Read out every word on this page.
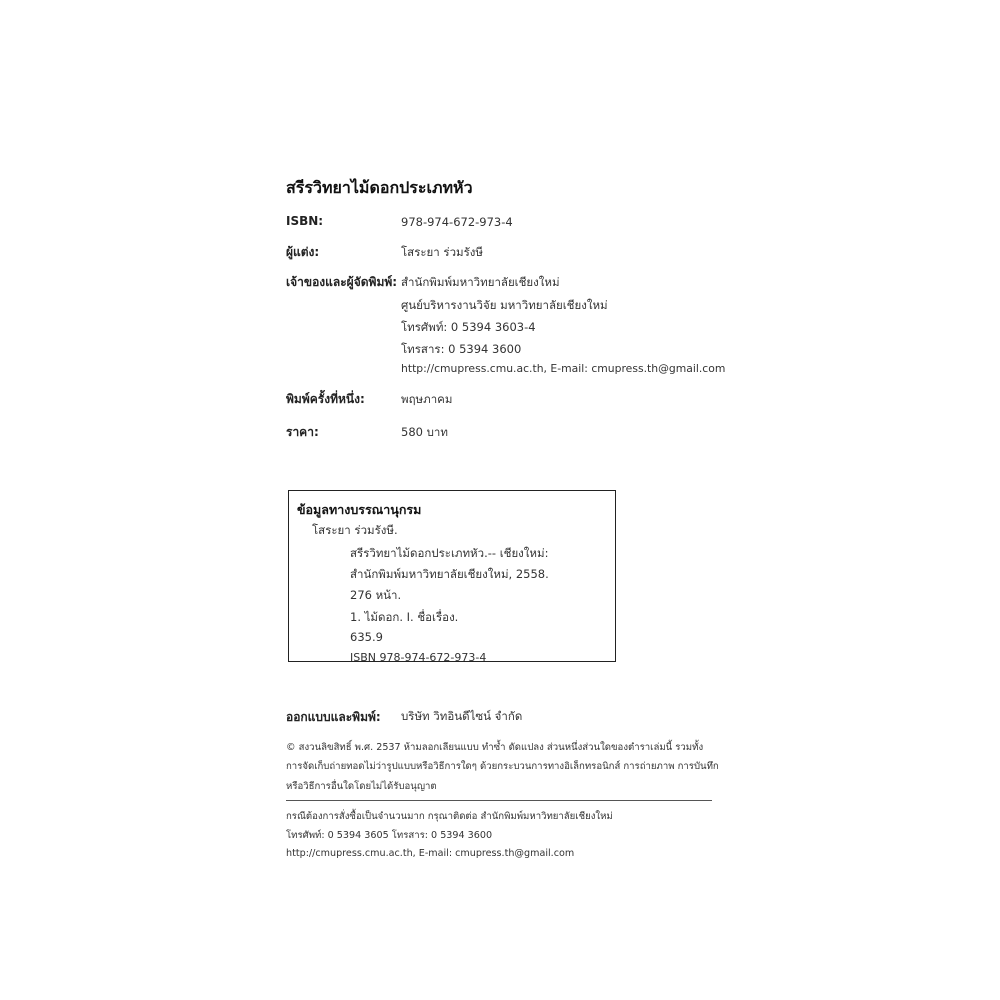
สรีรวิทยาไม้ดอกประเภทหัว
ISBN:	978-974-672-973-4
ผู้แต่ง:	โสระยา ร่วมรังษี
เจ้าของและผู้จัดพิมพ์: สำนักพิมพ์มหาวิทยาลัยเชียงใหม่
ศูนย์บริหารงานวิจัย มหาวิทยาลัยเชียงใหม่
โทรศัพท์: 0 5394 3603-4
โทรสาร: 0 5394 3600
http://cmupress.cmu.ac.th, E-mail: cmupress.th@gmail.com
พิมพ์ครั้งที่หนึ่ง:	พฤษภาคม
ราคา:	580 บาท
ข้อมูลทางบรรณานุกรม
โสระยา ร่วมรังษี.
สรีรวิทยาไม้ดอกประเภทหัว.-- เชียงใหม่:
สำนักพิมพ์มหาวิทยาลัยเชียงใหม่, 2558.
276 หน้า.
1. ไม้ดอก. I. ชื่อเรื่อง.
635.9
ISBN 978-974-672-973-4
ออกแบบและพิมพ์: บริษัท วิทอินดีไซน์ จำกัด
© สงวนลิขสิทธิ์ พ.ศ. 2537 ห้ามลอกเลียนแบบ ทำซ้ำ ดัดแปลง ส่วนหนึ่งส่วนใดของตำราเล่มนี้ รวมทั้ง
การจัดเก็บถ่ายทอดไม่ว่ารูปแบบหรือวิธีการใดๆ ด้วยกระบวนการทางอิเล็กทรอนิกส์ การถ่ายภาพ การบันทึก
หรือวิธีการอื่นใดโดยไม่ได้รับอนุญาต
กรณีต้องการสั่งซื้อเป็นจำนวนมาก กรุณาติดต่อ สำนักพิมพ์มหาวิทยาลัยเชียงใหม่
โทรศัพท์: 0 5394 3605 โทรสาร: 0 5394 3600
http://cmupress.cmu.ac.th, E-mail: cmupress.th@gmail.com
